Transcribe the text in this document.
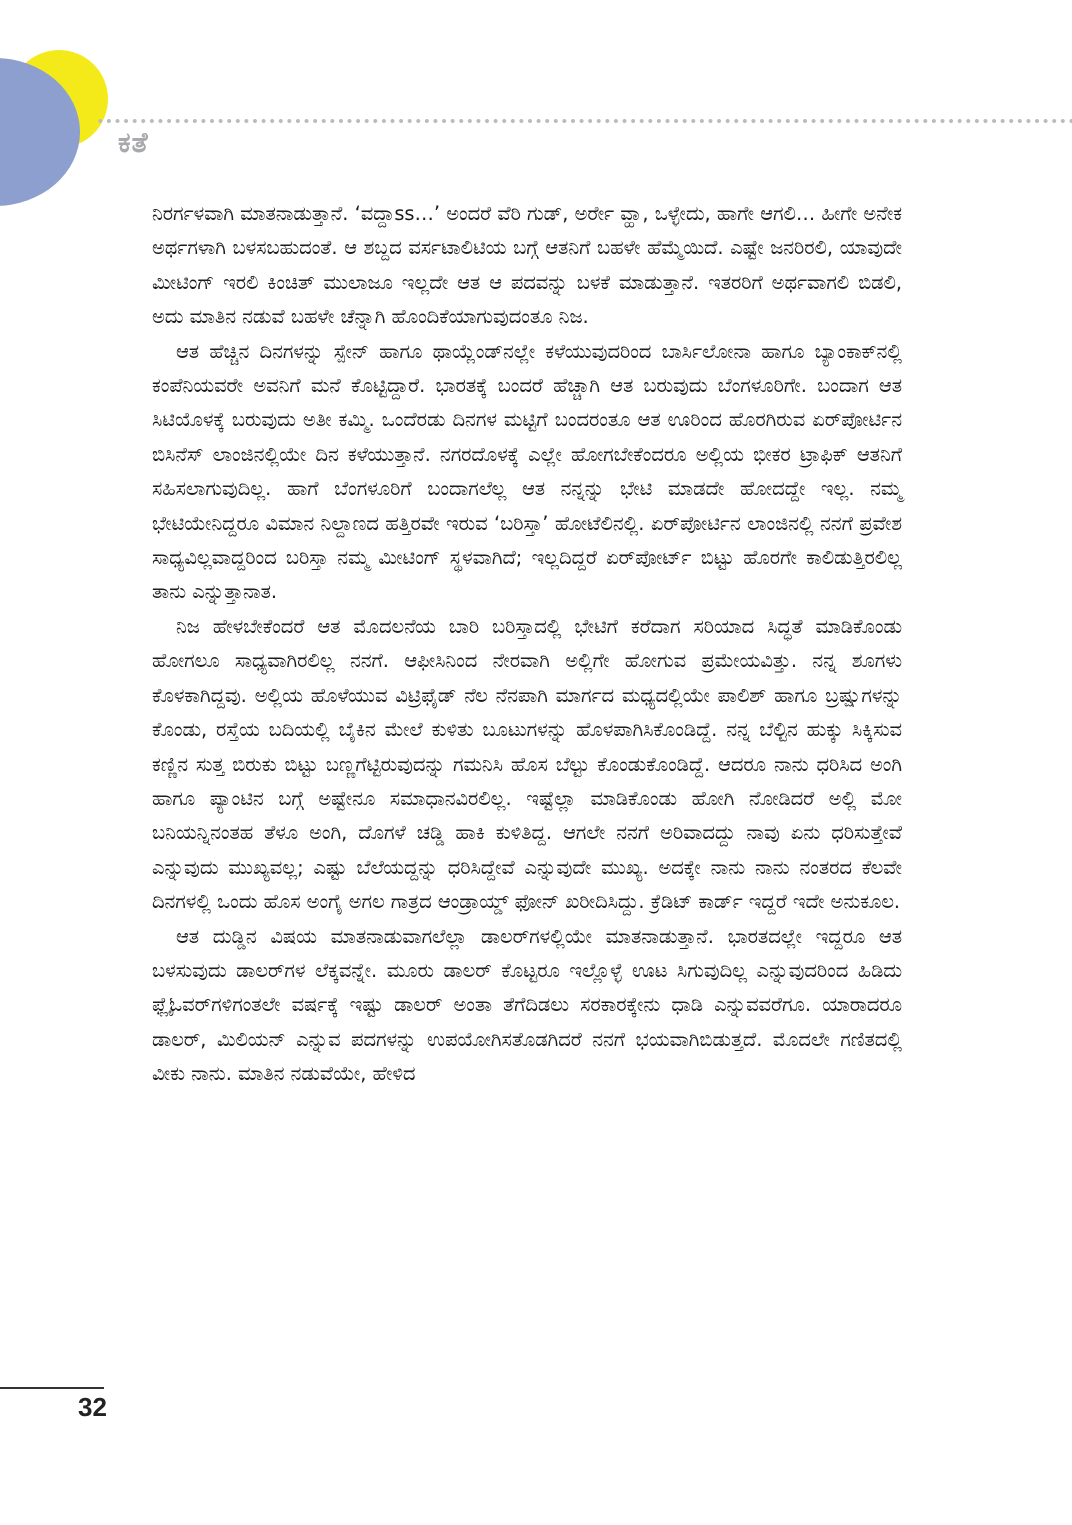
ಕತೆ

ನಿರರ್ಗಳವಾಗಿ ಮಾತನಾಡುತ್ತಾನೆ. ‘ವದ್ದಾss…’ ಅಂದರೆ ವೆರಿ ಗುಡ್, ಅರ್ರೇ ವ್ಹಾ, ಒಳ್ಳೇದು, ಹಾಗೇ ಆಗಲಿ… ಹೀಗೇ ಅನೇಕ ಅರ್ಥಗಳಾಗಿ ಬಳಸಬಹುದಂತೆ. ಆ ಶಬ್ದದ ವರ್ಸಟಾಲಿಟಿಯ ಬಗ್ಗೆ ಆತನಿಗೆ ಬಹಳೇ ಹೆಮ್ಮೆಯಿದೆ. ಎಷ್ಟೇ ಜನರಿರಲಿ, ಯಾವುದೇ ಮೀಟಿಂಗ್ ಇರಲಿ ಕಿಂಚಿತ್ ಮುಲಾಜೂ ಇಲ್ಲದೇ ಆತ ಆ ಪದವನ್ನು ಬಳಕೆ ಮಾಡುತ್ತಾನೆ. ಇತರರಿಗೆ ಅರ್ಥವಾಗಲಿ ಬಿಡಲಿ, ಅದು ಮಾತಿನ ನಡುವೆ ಬಹಳೇ ಚೆನ್ನಾಗಿ ಹೊಂದಿಕೆಯಾಗುವುದಂತೂ ನಿಜ.

ಆತ ಹೆಚ್ಚಿನ ದಿನಗಳನ್ನು ಸ್ಪೇನ್ ಹಾಗೂ ಥಾಯ್ಲೆಂಡ್‌ನಲ್ಲೇ ಕಳೆಯುವುದರಿಂದ ಬಾರ್ಸಿಲೋನಾ ಹಾಗೂ ಬ್ಯಾಂಕಾಕ್‌ನಲ್ಲಿ ಕಂಪೆನಿಯವರೇ ಅವನಿಗೆ ಮನೆ ಕೊಟ್ಟಿದ್ದಾರೆ. ಭಾರತಕ್ಕೆ ಬಂದರೆ ಹೆಚ್ಚಾಗಿ ಆತ ಬರುವುದು ಬೆಂಗಳೂರಿಗೇ. ಬಂದಾಗ ಆತ ಸಿಟಿಯೊಳಕ್ಕೆ ಬರುವುದು ಅತೀ ಕಮ್ಮಿ. ಒಂದೆರಡು ದಿನಗಳ ಮಟ್ಟಿಗೆ ಬಂದರಂತೂ ಆತ ಊರಿಂದ ಹೊರಗಿರುವ ಏರ್‌ಪೋರ್ಟಿನ ಬಿಸಿನೆಸ್ ಲಾಂಜಿನಲ್ಲಿಯೇ ದಿನ ಕಳೆಯುತ್ತಾನೆ. ನಗರದೊಳಕ್ಕೆ ಎಲ್ಲೇ ಹೋಗಬೇಕೆಂದರೂ ಅಲ್ಲಿಯ ಭೀಕರ ಟ್ರಾಫಿಕ್ ಆತನಿಗೆ ಸಹಿಸಲಾಗುವುದಿಲ್ಲ. ಹಾಗೆ ಬೆಂಗಳೂರಿಗೆ ಬಂದಾಗಲೆಲ್ಲ ಆತ ನನ್ನನ್ನು ಭೇಟಿ ಮಾಡದೇ ಹೋದದ್ದೇ ಇಲ್ಲ. ನಮ್ಮ ಭೇಟಿಯೇನಿದ್ದರೂ ವಿಮಾನ ನಿಲ್ದಾಣದ ಹತ್ತಿರವೇ ಇರುವ ‘ಬರಿಸ್ತಾ’ ಹೋಟೆಲಿನಲ್ಲಿ. ಏರ್‌ಪೋರ್ಟಿನ ಲಾಂಜಿನಲ್ಲಿ ನನಗೆ ಪ್ರವೇಶ ಸಾಧ್ಯವಿಲ್ಲವಾದ್ದರಿಂದ ಬರಿಸ್ತಾ ನಮ್ಮ ಮೀಟಿಂಗ್ ಸ್ಥಳವಾಗಿದೆ; ಇಲ್ಲದಿದ್ದರೆ ಏರ್‌ಪೋರ್ಟ್ ಬಿಟ್ಟು ಹೊರಗೇ ಕಾಲಿಡುತ್ತಿರಲಿಲ್ಲ ತಾನು ಎನ್ನುತ್ತಾನಾತ.

ನಿಜ ಹೇಳಬೇಕೆಂದರೆ ಆತ ಮೊದಲನೆಯ ಬಾರಿ ಬರಿಸ್ತಾದಲ್ಲಿ ಭೇಟಿಗೆ ಕರೆದಾಗ ಸರಿಯಾದ ಸಿದ್ಧತೆ ಮಾಡಿಕೊಂಡು ಹೋಗಲೂ ಸಾಧ್ಯವಾಗಿರಲಿಲ್ಲ ನನಗೆ. ಆಫೀಸಿನಿಂದ ನೇರವಾಗಿ ಅಲ್ಲಿಗೇ ಹೋಗುವ ಪ್ರಮೇಯವಿತ್ತು. ನನ್ನ ಶೂಗಳು ಕೊಳಕಾಗಿದ್ದವು. ಅಲ್ಲಿಯ ಹೊಳೆಯುವ ವಿಟ್ರಿಫೈಡ್ ನೆಲ ನೆನಪಾಗಿ ಮಾರ್ಗದ ಮಧ್ಯದಲ್ಲಿಯೇ ಪಾಲಿಶ್ ಹಾಗೂ ಬ್ರಷ್ಷುಗಳನ್ನು ಕೊಂಡು, ರಸ್ತೆಯ ಬದಿಯಲ್ಲಿ ಬೈಕಿನ ಮೇಲೆ ಕುಳಿತು ಬೂಟುಗಳನ್ನು ಹೊಳಪಾಗಿಸಿಕೊಂಡಿದ್ದೆ. ನನ್ನ ಬೆಲ್ಟಿನ ಹುಕ್ಕು ಸಿಕ್ಕಿಸುವ ಕಣ್ಣಿನ ಸುತ್ತ ಬಿರುಕು ಬಿಟ್ಟು ಬಣ್ಣಗೆಟ್ಟಿರುವುದನ್ನು ಗಮನಿಸಿ ಹೊಸ ಬೆಲ್ಟು ಕೊಂಡುಕೊಂಡಿದ್ದೆ. ಆದರೂ ನಾನು ಧರಿಸಿದ ಅಂಗಿ ಹಾಗೂ ಪ್ಯಾಂಟಿನ ಬಗ್ಗೆ ಅಷ್ಟೇನೂ ಸಮಾಧಾನವಿರಲಿಲ್ಲ. ಇಷ್ಟೆಲ್ಲಾ ಮಾಡಿಕೊಂಡು ಹೋಗಿ ನೋಡಿದರೆ ಅಲ್ಲಿ ಮೋ ಬನಿಯನ್ನಿನಂತಹ ತೆಳೂ ಅಂಗಿ, ದೊಗಳೆ ಚಡ್ಡಿ ಹಾಕಿ ಕುಳಿತಿದ್ದ. ಆಗಲೇ ನನಗೆ ಅರಿವಾದದ್ದು ನಾವು ಏನು ಧರಿಸುತ್ತೇವೆ ಎನ್ನುವುದು ಮುಖ್ಯವಲ್ಲ; ಎಷ್ಟು ಬೆಲೆಯದ್ದನ್ನು ಧರಿಸಿದ್ದೇವೆ ಎನ್ನುವುದೇ ಮುಖ್ಯ. ಅದಕ್ಕೇ ನಾನು ನಾನು ನಂತರದ ಕೆಲವೇ ದಿನಗಳಲ್ಲಿ ಒಂದು ಹೊಸ ಅಂಗೈ ಅಗಲ ಗಾತ್ರದ ಆಂಡ್ರಾಯ್ಡ್ ಫೋನ್ ಖರೀದಿಸಿದ್ದು. ಕ್ರೆಡಿಟ್ ಕಾರ್ಡ್ ಇದ್ದರೆ ಇದೇ ಅನುಕೂಲ.

ಆತ ದುಡ್ಡಿನ ವಿಷಯ ಮಾತನಾಡುವಾಗಲೆಲ್ಲಾ ಡಾಲರ್‌ಗಳಲ್ಲಿಯೇ ಮಾತನಾಡುತ್ತಾನೆ. ಭಾರತದಲ್ಲೇ ಇದ್ದರೂ ಆತ ಬಳಸುವುದು ಡಾಲರ್‌ಗಳ ಲೆಕ್ಕವನ್ನೇ. ಮೂರು ಡಾಲರ್ ಕೊಟ್ಟರೂ ಇಲ್ಲೊಳ್ಳೆ ಊಟ ಸಿಗುವುದಿಲ್ಲ ಎನ್ನುವುದರಿಂದ ಹಿಡಿದು ಫ್ಲೈಓವರ್‌ಗಳಿಗಂತಲೇ ವರ್ಷಕ್ಕೆ ಇಷ್ಟು ಡಾಲರ್ ಅಂತಾ ತೆಗೆದಿಡಲು ಸರಕಾರಕ್ಕೇನು ಧಾಡಿ ಎನ್ನುವವರೆಗೂ. ಯಾರಾದರೂ ಡಾಲರ್, ಮಿಲಿಯನ್ ಎನ್ನುವ ಪದಗಳನ್ನು ಉಪಯೋಗಿಸತೊಡಗಿದರೆ ನನಗೆ ಭಯವಾಗಿಬಿಡುತ್ತದೆ. ಮೊದಲೇ ಗಣಿತದಲ್ಲಿ ವೀಕು ನಾನು. ಮಾತಿನ ನಡುವೆಯೇ, ಹೇಳಿದ

32
